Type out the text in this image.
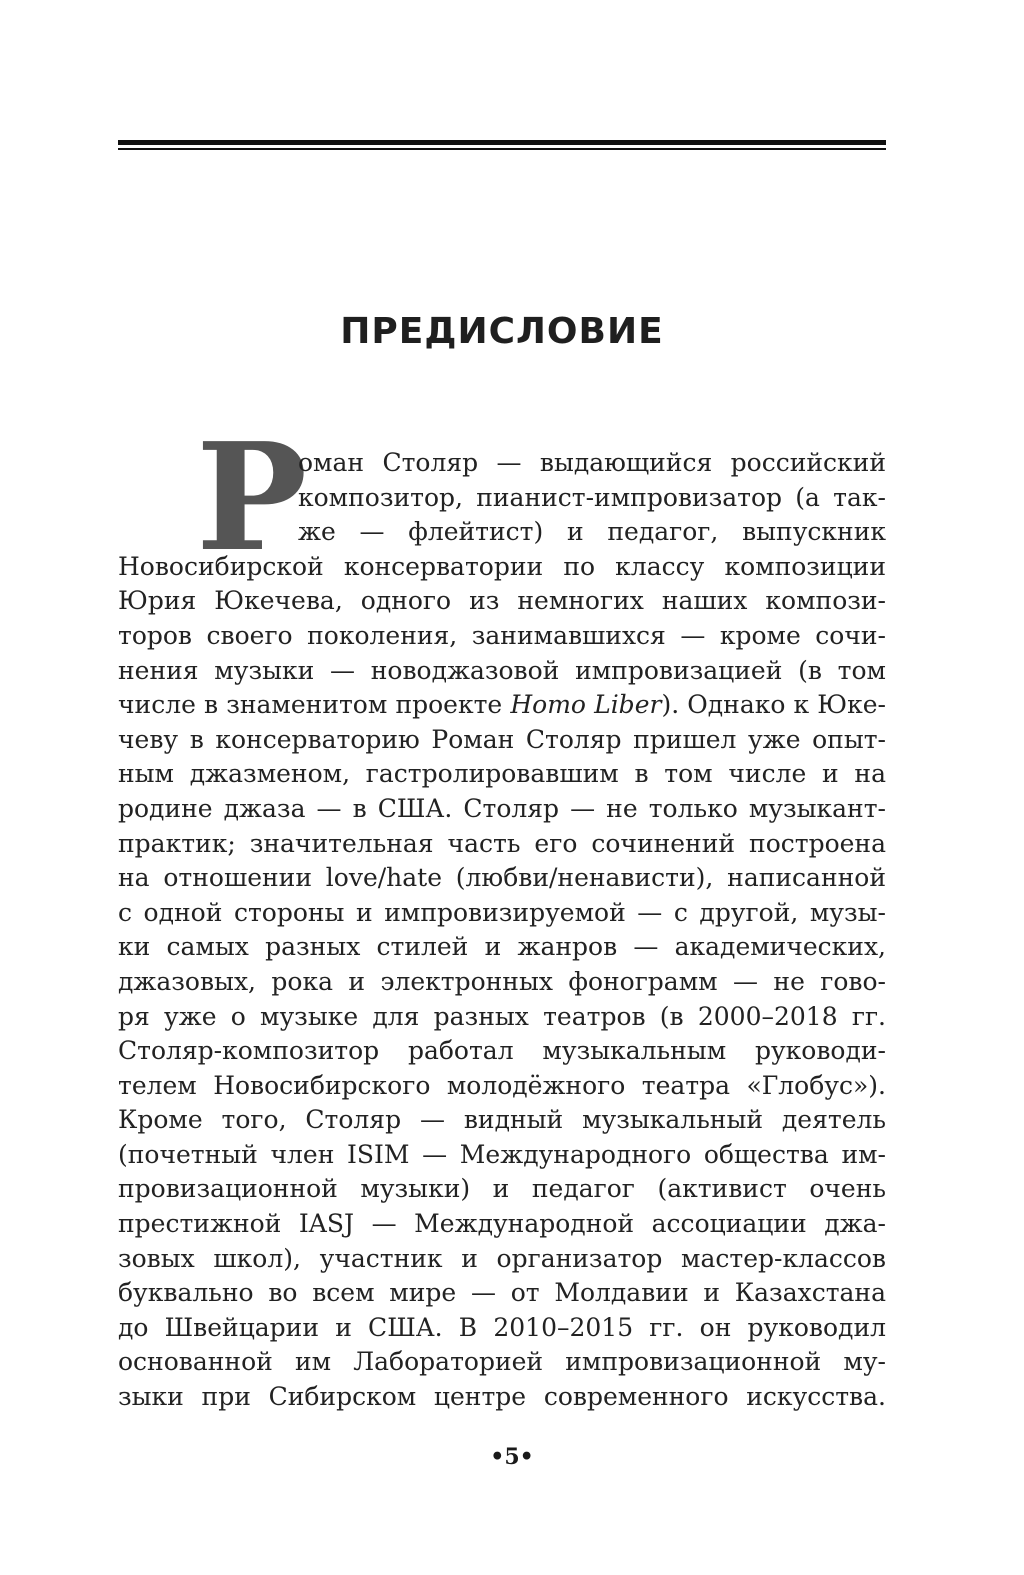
ПРЕДИСЛОВИЕ
Р
оман Столяр — выдающийся российский
композитор, пианист-импровизатор (а так-
же — флейтист) и педагог, выпускник
Новосибирской консерватории по классу композиции
Юрия Юкечева, одного из немногих наших компози-
торов своего поколения, занимавшихся — кроме сочи-
нения музыки — новоджазовой импровизацией (в том
числе в знаменитом проекте Homo Liber). Однако к Юке-
чеву в консерваторию Роман Столяр пришел уже опыт-
ным джазменом, гастролировавшим в том числе и на
родине джаза — в США. Столяр — не только музыкант-
практик; значительная часть его сочинений построена
на отношении love/hate (любви/ненависти), написанной
с одной стороны и импровизируемой — с другой, музы-
ки самых разных стилей и жанров — академических,
джазовых, рока и электронных фонограмм — не гово-
ря уже о музыке для разных театров (в 2000–2018 гг.
Столяр-композитор работал музыкальным руководи-
телем Новосибирского молодёжного театра «Глобус»).
Кроме того, Столяр — видный музыкальный деятель
(почетный член ISIM — Международного общества им-
провизационной музыки) и педагог (активист очень
престижной IASJ — Международной ассоциации джа-
зовых школ), участник и организатор мастер-классов
буквально во всем мире — от Молдавии и Казахстана
до Швейцарии и США. В 2010–2015 гг. он руководил
основанной им Лабораторией импровизационной му-
зыки при Сибирском центре современного искусства.
•5•
